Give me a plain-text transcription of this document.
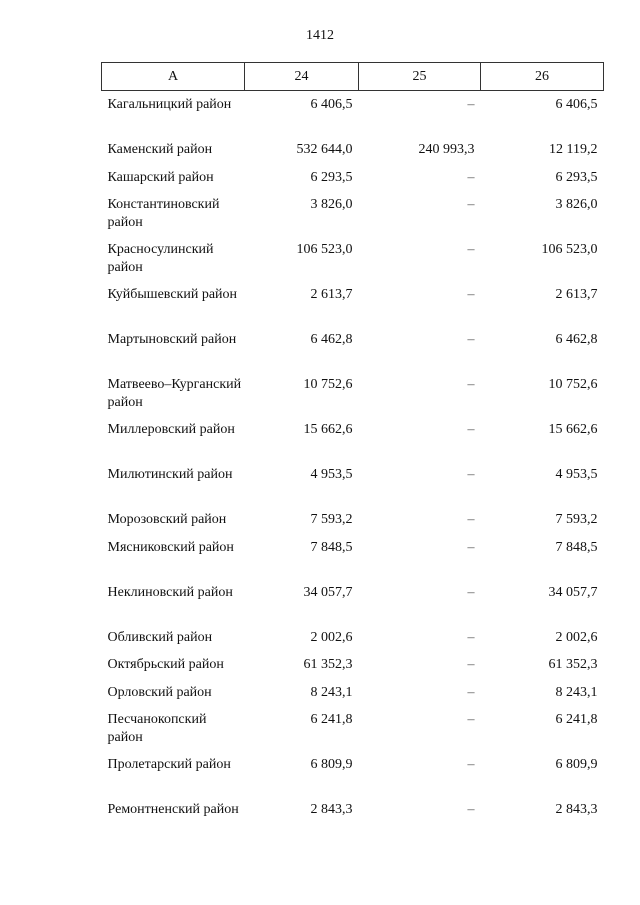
1412
А	24	25	26
Кагальницкий район	6 406,5	–	6 406,5
Каменский район	532 644,0	240 993,3	12 119,2
Кашарский район	6 293,5	–	6 293,5
Константиновский район	3 826,0	–	3 826,0
Красносулинский район	106 523,0	–	106 523,0
Куйбышевский район	2 613,7	–	2 613,7
Мартыновский район	6 462,8	–	6 462,8
Матвеево–Курганский район	10 752,6	–	10 752,6
Миллеровский район	15 662,6	–	15 662,6
Милютинский район	4 953,5	–	4 953,5
Морозовский район	7 593,2	–	7 593,2
Мясниковский район	7 848,5	–	7 848,5
Неклиновский район	34 057,7	–	34 057,7
Обливский район	2 002,6	–	2 002,6
Октябрьский район	61 352,3	–	61 352,3
Орловский район	8 243,1	–	8 243,1
Песчанокопский район	6 241,8	–	6 241,8
Пролетарский район	6 809,9	–	6 809,9
Ремонтненский район	2 843,3	–	2 843,3
